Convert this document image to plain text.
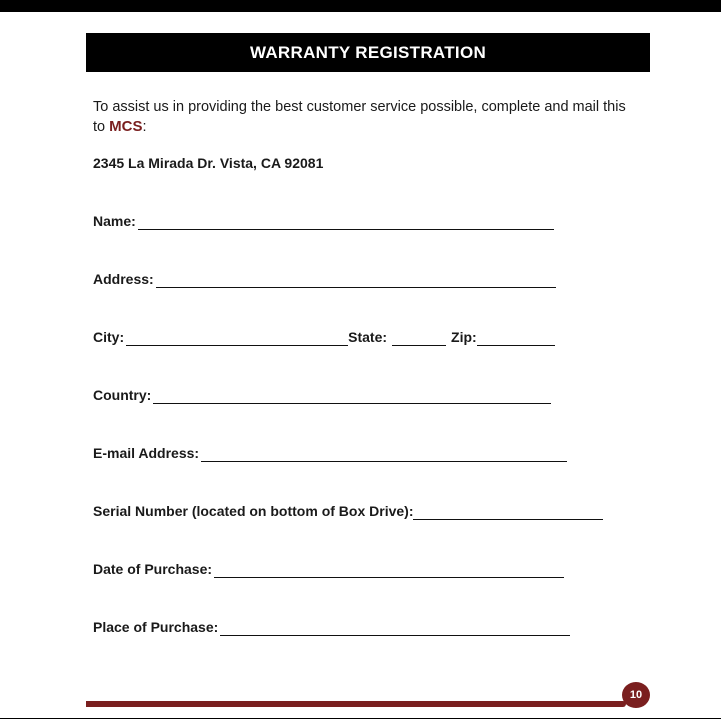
WARRANTY REGISTRATION
To assist us in providing the best customer service possible, complete and mail this to MCS:
2345 La Mirada Dr. Vista, CA 92081
Name:
Address:
City:	State:	Zip:
Country:
E-mail Address:
Serial Number (located on bottom of Box Drive):
Date of Purchase:
Place of Purchase:
10
